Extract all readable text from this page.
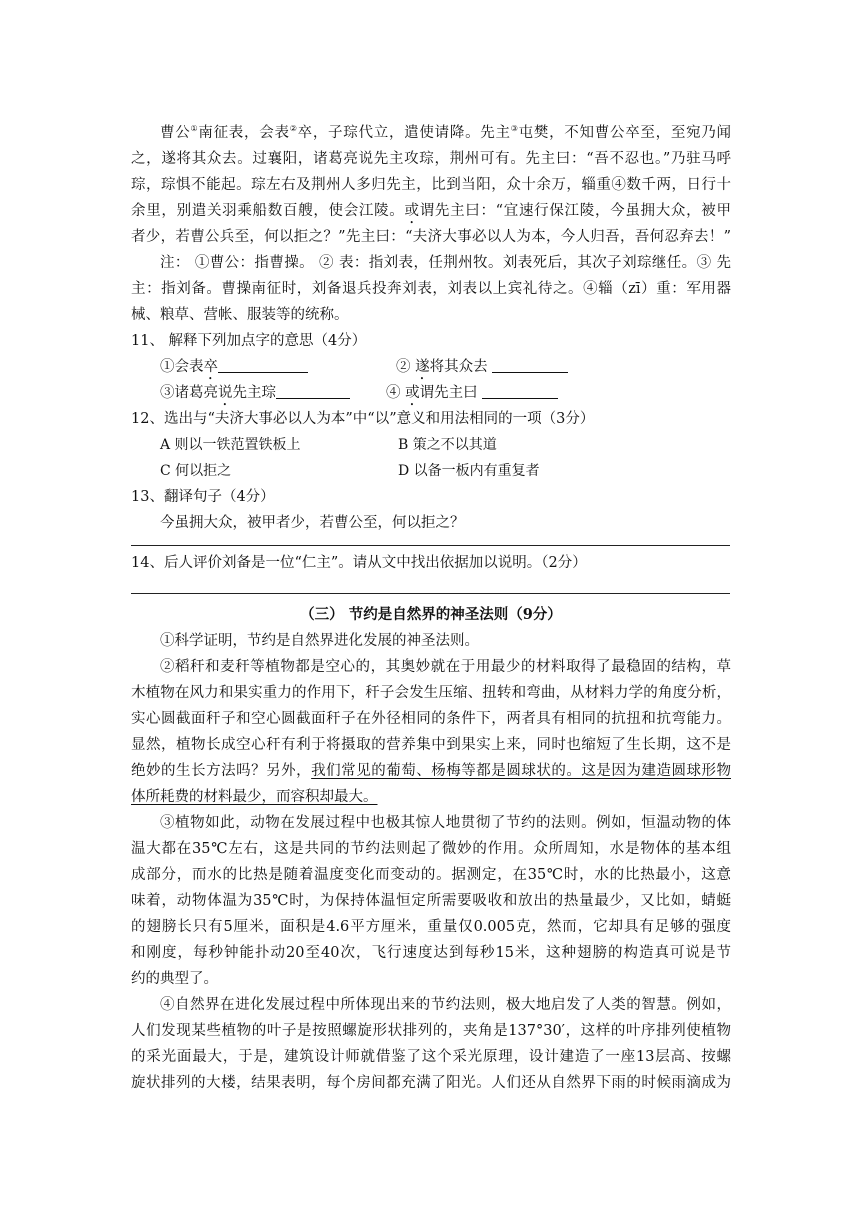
曹公①南征表，会表②卒，子琮代立，遣使请降。先主③屯樊，不知曹公卒至，至宛乃闻
之，遂将其众去。过襄阳，诸葛亮说先主攻琮，荆州可有。先主曰：“吾不忍也。”乃驻马呼
琮，琮惧不能起。琮左右及荆州人多归先主，比到当阳，众十余万，辎重④数千两，日行十
余里，别遣关羽乘船数百艘，使会江陵。或谓先主曰：“宜速行保江陵，今虽拥大众，被甲
者少，若曹公兵至，何以拒之？”先主曰：“夫济大事必以人为本，今人归吾，吾何忍弃去！”
注： ①曹公：指曹操。 ② 表：指刘表，任荆州牧。刘表死后，其次子刘琮继任。③ 先
主：指刘备。曹操南征时，刘备退兵投奔刘表，刘表以上宾礼待之。④辎（zī）重：军用器
械、粮草、营帐、服装等的统称。
11、 解释下列加点字的意思（4分）
①会表卒	② 遂将其众去
③诸葛亮说先主琮	④ 或谓先主曰
12、选出与“夫济大事必以人为本”中“以”意义和用法相同的一项（3分）
A 则以一铁范置铁板上	B 策之不以其道
C 何以拒之	D 以备一板内有重复者
13、翻译句子（4分）
今虽拥大众，被甲者少，若曹公至，何以拒之？
14、后人评价刘备是一位“仁主”。请从文中找出依据加以说明。（2分）
（三） 节约是自然界的神圣法则（9分）
①科学证明，节约是自然界进化发展的神圣法则。
②稻秆和麦秆等植物都是空心的，其奥妙就在于用最少的材料取得了最稳固的结构，草
木植物在风力和果实重力的作用下，秆子会发生压缩、扭转和弯曲，从材料力学的角度分析，
实心圆截面秆子和空心圆截面秆子在外径相同的条件下，两者具有相同的抗扭和抗弯能力。
显然，植物长成空心秆有利于将摄取的营养集中到果实上来，同时也缩短了生长期，这不是
绝妙的生长方法吗？另外，我们常见的葡萄、杨梅等都是圆球状的。这是因为建造圆球形物
体所耗费的材料最少，而容积却最大。
③植物如此，动物在发展过程中也极其惊人地贯彻了节约的法则。例如，恒温动物的体
温大都在35℃左右，这是共同的节约法则起了微妙的作用。众所周知，水是物体的基本组
成部分，而水的比热是随着温度变化而变动的。据测定，在35℃时，水的比热最小，这意
味着，动物体温为35℃时，为保持体温恒定所需要吸收和放出的热量最少，又比如，蜻蜓
的翅膀长只有5厘米，面积是4.6平方厘米，重量仅0.005克，然而，它却具有足够的强度
和刚度，每秒钟能扑动20至40次，飞行速度达到每秒15米，这种翅膀的构造真可说是节
约的典型了。
④自然界在进化发展过程中所体现出来的节约法则，极大地启发了人类的智慧。例如，
人们发现某些植物的叶子是按照螺旋形状排列的，夹角是137°30′，这样的叶序排列使植物
的采光面最大，于是，建筑设计师就借鉴了这个采光原理，设计建造了一座13层高、按螺
旋状排列的大楼，结果表明，每个房间都充满了阳光。人们还从自然界下雨的时候雨滴成为
